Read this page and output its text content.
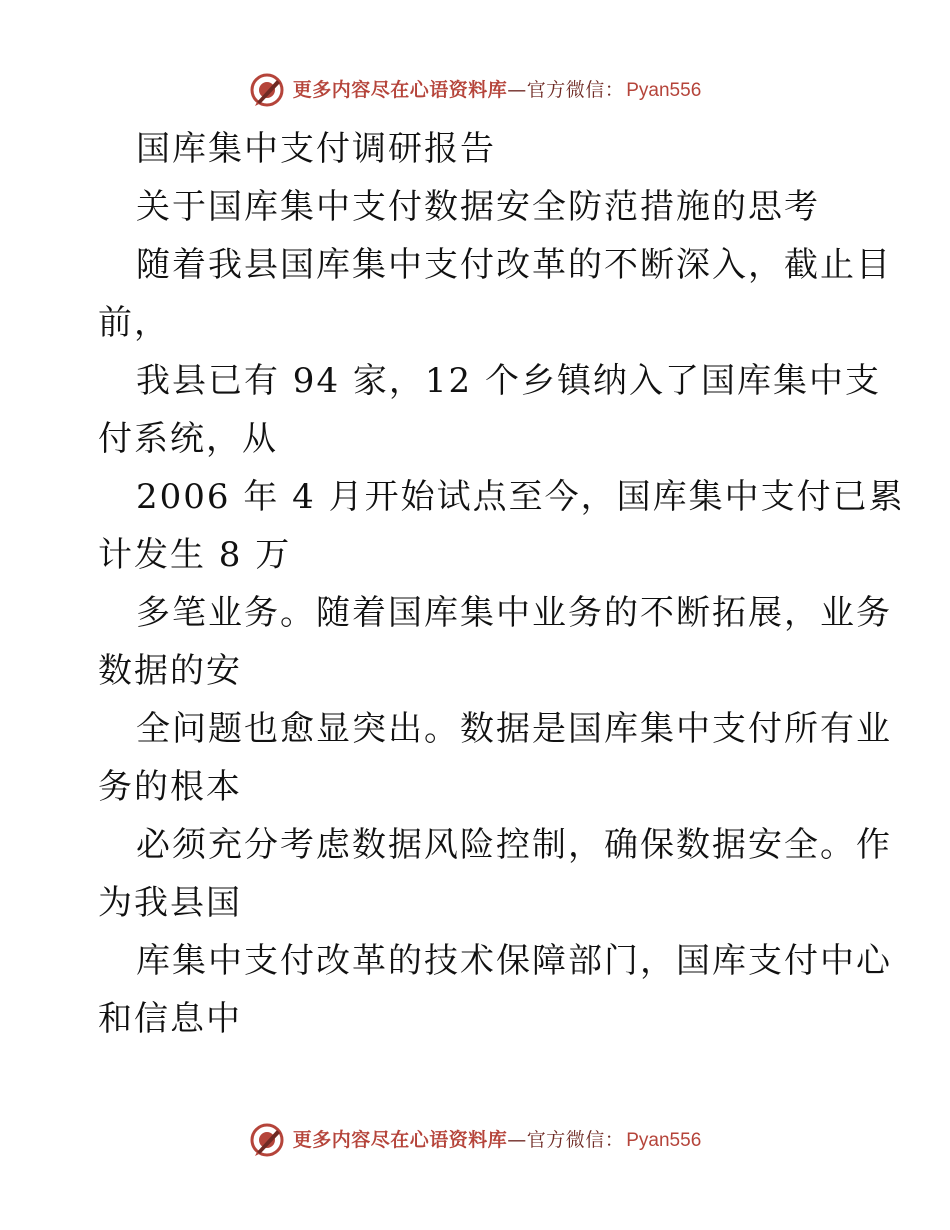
更多内容尽在心语资料库 — 官方微信： Pyan556
国库集中支付调研报告
关于国库集中支付数据安全防范措施的思考
随着我县国库集中支付改革的不断深入，截止目
前，
我县已有 94 家，12 个乡镇纳入了国库集中支
付系统，从
2006 年 4 月开始试点至今，国库集中支付已累
计发生 8 万
多笔业务。随着国库集中业务的不断拓展，业务
数据的安
全问题也愈显突出。数据是国库集中支付所有业
务的根本
必须充分考虑数据风险控制，确保数据安全。作
为我县国
库集中支付改革的技术保障部门，国库支付中心
和信息中
更多内容尽在心语资料库 — 官方微信： Pyan556
